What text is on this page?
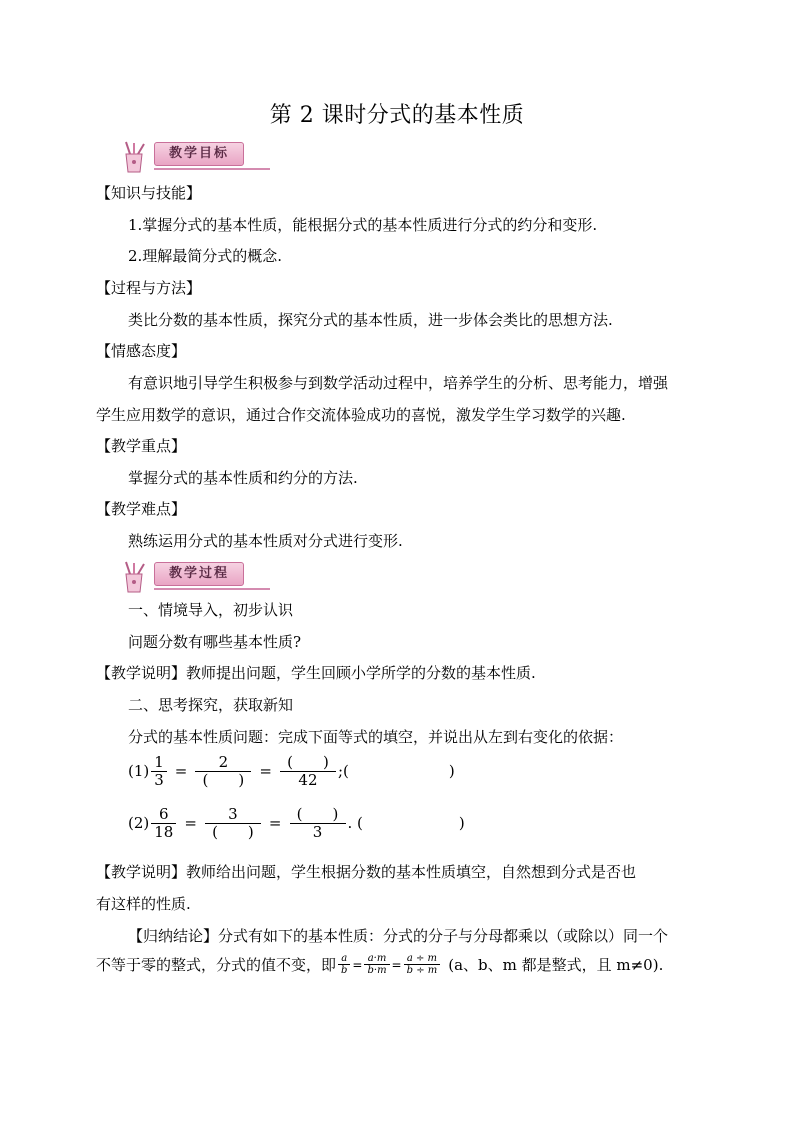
第 2 课时分式的基本性质
教学目标
【知识与技能】
1.掌握分式的基本性质，能根据分式的基本性质进行分式的约分和变形.
2.理解最简分式的概念.
【过程与方法】
类比分数的基本性质，探究分式的基本性质，进一步体会类比的思想方法.
【情感态度】
有意识地引导学生积极参与到数学活动过程中，培养学生的分析、思考能力，增强
学生应用数学的意识，通过合作交流体验成功的喜悦，激发学生学习数学的兴趣.
【教学重点】
掌握分式的基本性质和约分的方法.
【教学难点】
熟练运用分式的基本性质对分式进行变形.
教学过程
一、情境导入，初步认识
问题分数有哪些基本性质?
【教学说明】教师提出问题，学生回顾小学所学的分数的基本性质.
二、思考探究，获取新知
分式的基本性质问题：完成下面等式的填空，并说出从左到右变化的依据：
$(1) \frac{1}{3} = \frac{2}{( )} = \frac{( )}{42}$ ;(	)
$(2) \frac{6}{18} = \frac{3}{( )} = \frac{( )}{3}$ . (	)
【教学说明】教师给出问题，学生根据分数的基本性质填空，自然想到分式是否也
有这样的性质.
【归纳结论】分式有如下的基本性质：分式的分子与分母都乘以（或除以）同一个
不等于零的整式，分式的值不变，即 $\frac{a}{b} = \frac{a\cdot m}{b\cdot m} = \frac{a \div m}{b \div m} (a$、b、m 都是整式，且 m≠0).
